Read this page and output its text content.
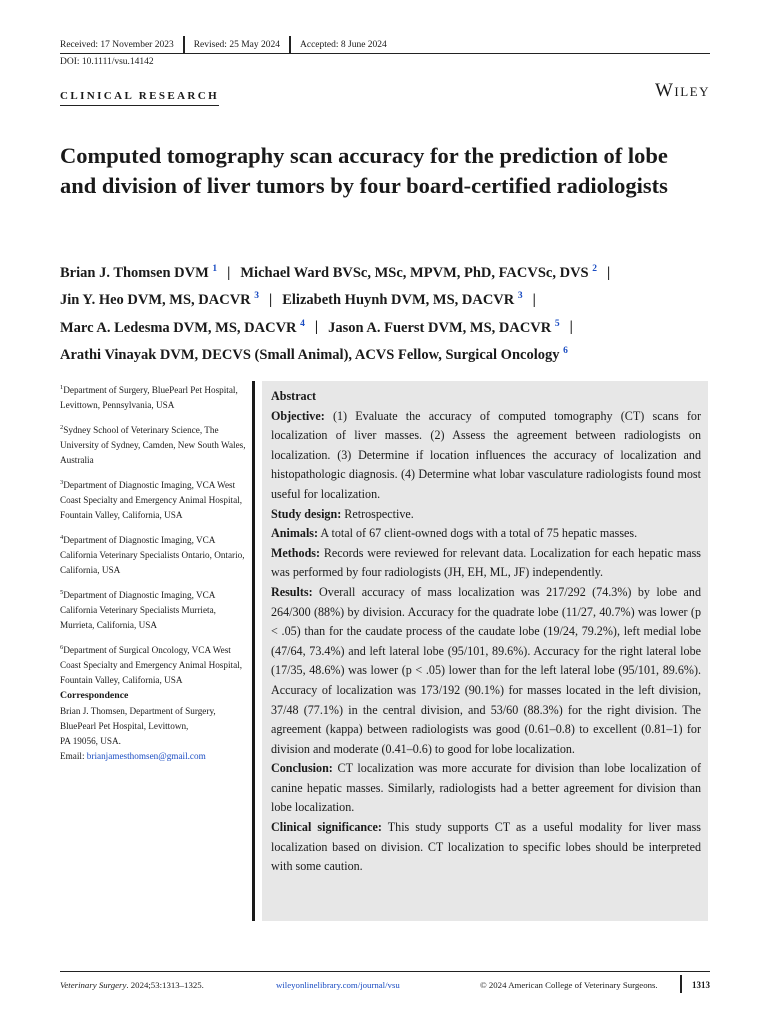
Received: 17 November 2023	Revised: 25 May 2024	Accepted: 8 June 2024
DOI: 10.1111/vsu.14142
CLINICAL RESEARCH	Wiley
Computed tomography scan accuracy for the prediction of lobe and division of liver tumors by four board-certified radiologists
Brian J. Thomsen DVM $^1$ | Michael Ward BVSc, MSc, MPVM, PhD, FACVSc, DVS $^2$ |
Jin Y. Heo DVM, MS, DACVR $^3$ | Elizabeth Huynh DVM, MS, DACVR $^3$ |
Marc A. Ledesma DVM, MS, DACVR $^4$ | Jason A. Fuerst DVM, MS, DACVR $^5$ |
Arathi Vinayak DVM, DECVS (Small Animal), ACVS Fellow, Surgical Oncology $^6$
$^1$Department of Surgery, BluePearl Pet Hospital, Levittown, Pennsylvania, USA
$^2$Sydney School of Veterinary Science, The University of Sydney, Camden, New South Wales, Australia
$^3$Department of Diagnostic Imaging, VCA West Coast Specialty and Emergency Animal Hospital, Fountain Valley, California, USA
$^4$Department of Diagnostic Imaging, VCA California Veterinary Specialists Ontario, Ontario, California, USA
$^5$Department of Diagnostic Imaging, VCA California Veterinary Specialists Murrieta, Murrieta, California, USA
$^6$Department of Surgical Oncology, VCA West Coast Specialty and Emergency Animal Hospital, Fountain Valley, California, USA
Correspondence
Brian J. Thomsen, Department of Surgery,
BluePearl Pet Hospital, Levittown,
PA 19056, USA.
Email: brianjamesthomsen@gmail.com
Abstract

Objective: (1) Evaluate the accuracy of computed tomography (CT) scans for localization of liver masses. (2) Assess the agreement between radiologists on localization. (3) Determine if location influences the accuracy of localization and histopathologic diagnosis. (4) Determine what lobar vasculature radiologists found most useful for localization.

Study design: Retrospective.

Animals: A total of 67 client-owned dogs with a total of 75 hepatic masses.

Methods: Records were reviewed for relevant data. Localization for each hepatic mass was performed by four radiologists (JH, EH, ML, JF) independently.

Results: Overall accuracy of mass localization was 217/292 (74.3%) by lobe and 264/300 (88%) by division. Accuracy for the quadrate lobe (11/27, 40.7%) was lower (p < .05) than for the caudate process of the caudate lobe (19/24, 79.2%), left medial lobe (47/64, 73.4%) and left lateral lobe (95/101, 89.6%). Accuracy for the right lateral lobe (17/35, 48.6%) was lower (p < .05) lower than for the left lateral lobe (95/101, 89.6%). Accuracy of localization was 173/192 (90.1%) for masses located in the left division, 37/48 (77.1%) in the central division, and 53/60 (88.3%) for the right division. The agreement (kappa) between radiologists was good (0.61–0.8) to excellent (0.81–1) for division and moderate (0.41–0.6) to good for lobe localization.

Conclusion: CT localization was more accurate for division than lobe localization of canine hepatic masses. Similarly, radiologists had a better agreement for division than lobe localization.

Clinical significance: This study supports CT as a useful modality for liver mass localization based on division. CT localization to specific lobes should be interpreted with some caution.

Veterinary Surgery. 2024;53:1313–1325.	wileyonlinelibrary.com/journal/vsu	© 2024 American College of Veterinary Surgeons.	1313
